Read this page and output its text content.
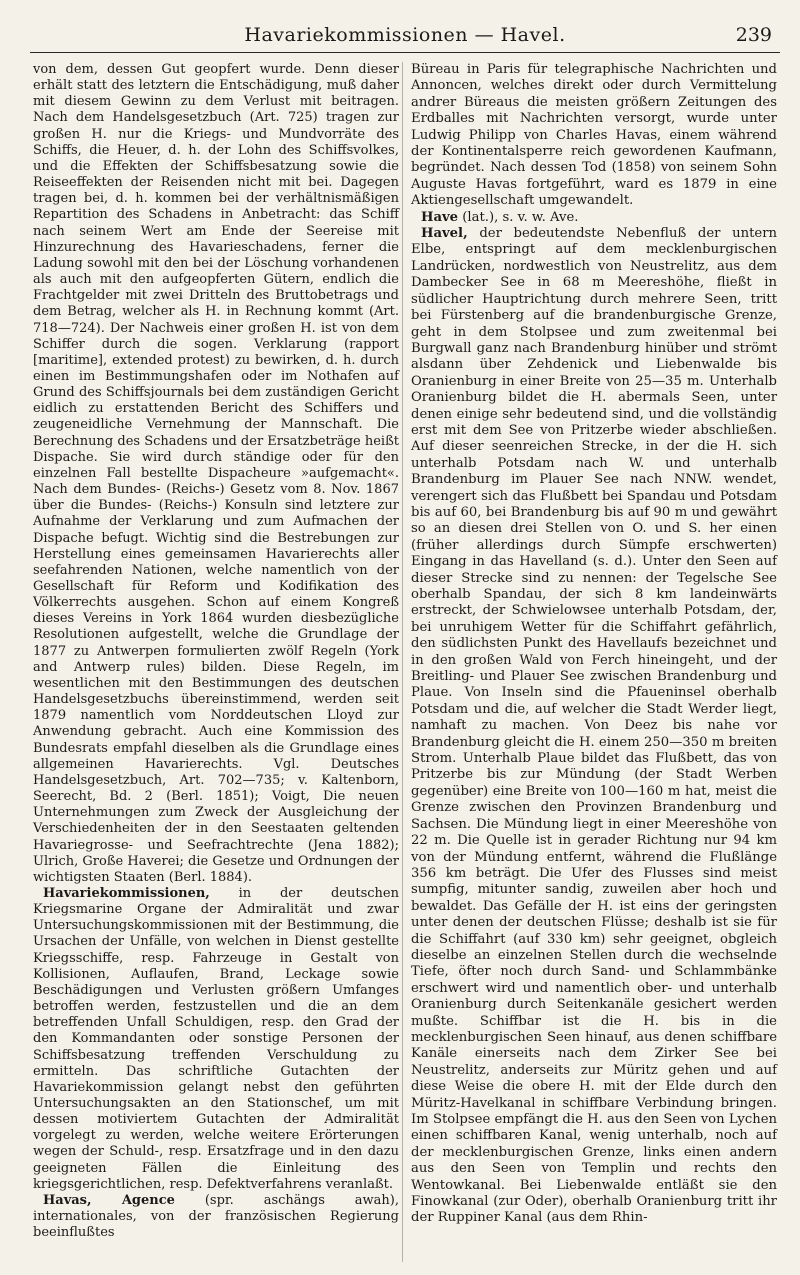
Havariekommissionen — Havel.	239

von dem, dessen Gut geopfert wurde. Denn dieser erhält statt des letztern die Entschädigung, muß daher mit diesem Gewinn zu dem Verlust mit beitragen. Nach dem Handelsgesetzbuch (Art. 725) tragen zur großen H. nur die Kriegs- und Mundvorräte des Schiffs, die Heuer, d. h. der Lohn des Schiffsvolkes, und die Effekten der Schiffsbesatzung sowie die Reiseeffekten der Reisenden nicht mit bei. Dagegen tragen bei, d. h. kommen bei der verhältnismäßigen Repartition des Schadens in Anbetracht: das Schiff nach seinem Wert am Ende der Seereise mit Hinzurechnung des Havarieschadens, ferner die Ladung sowohl mit den bei der Löschung vorhandenen als auch mit den aufgeopferten Gütern, endlich die Frachtgelder mit zwei Dritteln des Bruttobetrags und dem Betrag, welcher als H. in Rechnung kommt (Art. 718—724). Der Nachweis einer großen H. ist von dem Schiffer durch die sogen. Verklarung (rapport [maritime], extended protest) zu bewirken, d. h. durch einen im Bestimmungshafen oder im Nothafen auf Grund des Schiffsjournals bei dem zuständigen Gericht eidlich zu erstattenden Bericht des Schiffers und zeugeneidliche Vernehmung der Mannschaft. Die Berechnung des Schadens und der Ersatzbeträge heißt Dispache. Sie wird durch ständige oder für den einzelnen Fall bestellte Dispacheure »aufgemacht«. Nach dem Bundes- (Reichs-) Gesetz vom 8. Nov. 1867 über die Bundes- (Reichs-) Konsuln sind letztere zur Aufnahme der Verklarung und zum Aufmachen der Dispache befugt. Wichtig sind die Bestrebungen zur Herstellung eines gemeinsamen Havarierechts aller seefahrenden Nationen, welche namentlich von der Gesellschaft für Reform und Kodifikation des Völkerrechts ausgehen. Schon auf einem Kongreß dieses Vereins in York 1864 wurden diesbezügliche Resolutionen aufgestellt, welche die Grundlage der 1877 zu Antwerpen formulierten zwölf Regeln (York and Antwerp rules) bilden. Diese Regeln, im wesentlichen mit den Bestimmungen des deutschen Handelsgesetzbuchs übereinstimmend, werden seit 1879 namentlich vom Norddeutschen Lloyd zur Anwendung gebracht. Auch eine Kommission des Bundesrats empfahl dieselben als die Grundlage eines allgemeinen Havarierechts. Vgl. Deutsches Handelsgesetzbuch, Art. 702—735; v. Kaltenborn, Seerecht, Bd. 2 (Berl. 1851); Voigt, Die neuen Unternehmungen zum Zweck der Ausgleichung der Verschiedenheiten der in den Seestaaten geltenden Havariegrosse- und Seefrachtrechte (Jena 1882); Ulrich, Große Haverei; die Gesetze und Ordnungen der wichtigsten Staaten (Berl. 1884).

Havariekommissionen, in der deutschen Kriegsmarine Organe der Admiralität und zwar Untersuchungskommissionen mit der Bestimmung, die Ursachen der Unfälle, von welchen in Dienst gestellte Kriegsschiffe, resp. Fahrzeuge in Gestalt von Kollisionen, Auflaufen, Brand, Leckage sowie Beschädigungen und Verlusten größern Umfanges betroffen werden, festzustellen und die an dem betreffenden Unfall Schuldigen, resp. den Grad der den Kommandanten oder sonstige Personen der Schiffsbesatzung treffenden Verschuldung zu ermitteln. Das schriftliche Gutachten der Havariekommission gelangt nebst den geführten Untersuchungsakten an den Stationschef, um mit dessen motiviertem Gutachten der Admiralität vorgelegt zu werden, welche weitere Erörterungen wegen der Schuld-, resp. Ersatzfrage und in den dazu geeigneten Fällen die Einleitung des kriegsgerichtlichen, resp. Defektverfahrens veranlaßt.

Havas, Agence (spr. aschängs awah), internationales, von der französischen Regierung beeinflußtes

Büreau in Paris für telegraphische Nachrichten und Annoncen, welches direkt oder durch Vermittelung andrer Büreaus die meisten größern Zeitungen des Erdballes mit Nachrichten versorgt, wurde unter Ludwig Philipp von Charles Havas, einem während der Kontinentalsperre reich gewordenen Kaufmann, begründet. Nach dessen Tod (1858) von seinem Sohn Auguste Havas fortgeführt, ward es 1879 in eine Aktiengesellschaft umgewandelt.

Have (lat.), s. v. w. Ave.

Havel, der bedeutendste Nebenfluß der untern Elbe, entspringt auf dem mecklenburgischen Landrücken, nordwestlich von Neustrelitz, aus dem Dambecker See in 68 m Meereshöhe, fließt in südlicher Hauptrichtung durch mehrere Seen, tritt bei Fürstenberg auf die brandenburgische Grenze, geht in dem Stolpsee und zum zweitenmal bei Burgwall ganz nach Brandenburg hinüber und strömt alsdann über Zehdenick und Liebenwalde bis Oranienburg in einer Breite von 25—35 m. Unterhalb Oranienburg bildet die H. abermals Seen, unter denen einige sehr bedeutend sind, und die vollständig erst mit dem See von Pritzerbe wieder abschließen. Auf dieser seenreichen Strecke, in der die H. sich unterhalb Potsdam nach W. und unterhalb Brandenburg im Plauer See nach NNW. wendet, verengert sich das Flußbett bei Spandau und Potsdam bis auf 60, bei Brandenburg bis auf 90 m und gewährt so an diesen drei Stellen von O. und S. her einen (früher allerdings durch Sümpfe erschwerten) Eingang in das Havelland (s. d.). Unter den Seen auf dieser Strecke sind zu nennen: der Tegelsche See oberhalb Spandau, der sich 8 km landeinwärts erstreckt, der Schwielowsee unterhalb Potsdam, der, bei unruhigem Wetter für die Schiffahrt gefährlich, den südlichsten Punkt des Havellaufs bezeichnet und in den großen Wald von Ferch hineingeht, und der Breitling- und Plauer See zwischen Brandenburg und Plaue. Von Inseln sind die Pfaueninsel oberhalb Potsdam und die, auf welcher die Stadt Werder liegt, namhaft zu machen. Von Deez bis nahe vor Brandenburg gleicht die H. einem 250—350 m breiten Strom. Unterhalb Plaue bildet das Flußbett, das von Pritzerbe bis zur Mündung (der Stadt Werben gegenüber) eine Breite von 100—160 m hat, meist die Grenze zwischen den Provinzen Brandenburg und Sachsen. Die Mündung liegt in einer Meereshöhe von 22 m. Die Quelle ist in gerader Richtung nur 94 km von der Mündung entfernt, während die Flußlänge 356 km beträgt. Die Ufer des Flusses sind meist sumpfig, mitunter sandig, zuweilen aber hoch und bewaldet. Das Gefälle der H. ist eins der geringsten unter denen der deutschen Flüsse; deshalb ist sie für die Schiffahrt (auf 330 km) sehr geeignet, obgleich dieselbe an einzelnen Stellen durch die wechselnde Tiefe, öfter noch durch Sand- und Schlammbänke erschwert wird und namentlich ober- und unterhalb Oranienburg durch Seitenkanäle gesichert werden mußte. Schiffbar ist die H. bis in die mecklenburgischen Seen hinauf, aus denen schiffbare Kanäle einerseits nach dem Zirker See bei Neustrelitz, anderseits zur Müritz gehen und auf diese Weise die obere H. mit der Elde durch den Müritz-Havelkanal in schiffbare Verbindung bringen. Im Stolpsee empfängt die H. aus den Seen von Lychen einen schiffbaren Kanal, wenig unterhalb, noch auf der mecklenburgischen Grenze, links einen andern aus den Seen von Templin und rechts den Wentowkanal. Bei Liebenwalde entläßt sie den Finowkanal (zur Oder), oberhalb Oranienburg tritt ihr der Ruppiner Kanal (aus dem Rhin-
